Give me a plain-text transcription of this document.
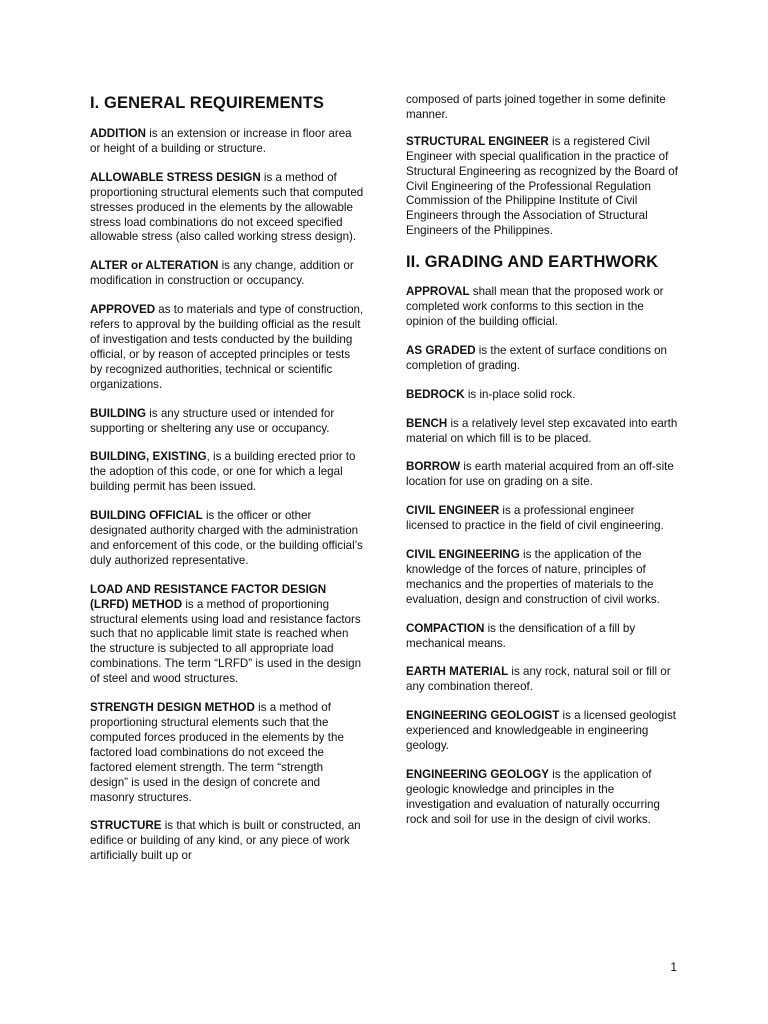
I. GENERAL REQUIREMENTS

ADDITION is an extension or increase in floor area or height of a building or structure.

ALLOWABLE STRESS DESIGN is a method of proportioning structural elements such that computed stresses produced in the elements by the allowable stress load combinations do not exceed specified allowable stress (also called working stress design).

ALTER or ALTERATION is any change, addition or modification in construction or occupancy.

APPROVED as to materials and type of construction, refers to approval by the building official as the result of investigation and tests conducted by the building official, or by reason of accepted principles or tests by recognized authorities, technical or scientific organizations.

BUILDING is any structure used or intended for supporting or sheltering any use or occupancy.

BUILDING, EXISTING, is a building erected prior to the adoption of this code, or one for which a legal building permit has been issued.

BUILDING OFFICIAL is the officer or other designated authority charged with the administration and enforcement of this code, or the building official’s duly authorized representative.

LOAD AND RESISTANCE FACTOR DESIGN (LRFD) METHOD is a method of proportioning structural elements using load and resistance factors such that no applicable limit state is reached when the structure is subjected to all appropriate load combinations. The term “LRFD” is used in the design of steel and wood structures.

STRENGTH DESIGN METHOD is a method of proportioning structural elements such that the computed forces produced in the elements by the factored load combinations do not exceed the factored element strength. The term “strength design” is used in the design of concrete and masonry structures.

STRUCTURE is that which is built or constructed, an edifice or building of any kind, or any piece of work artificially built up or

composed of parts joined together in some definite manner.

STRUCTURAL ENGINEER is a registered Civil Engineer with special qualification in the practice of Structural Engineering as recognized by the Board of Civil Engineering of the Professional Regulation Commission of the Philippine Institute of Civil Engineers through the Association of Structural Engineers of the Philippines.

II. GRADING AND EARTHWORK

APPROVAL shall mean that the proposed work or completed work conforms to this section in the opinion of the building official.

AS GRADED is the extent of surface conditions on completion of grading.

BEDROCK is in-place solid rock.

BENCH is a relatively level step excavated into earth material on which fill is to be placed.

BORROW is earth material acquired from an off-site location for use on grading on a site.

CIVIL ENGINEER is a professional engineer licensed to practice in the field of civil engineering.

CIVIL ENGINEERING is the application of the knowledge of the forces of nature, principles of mechanics and the properties of materials to the evaluation, design and construction of civil works.

COMPACTION is the densification of a fill by mechanical means.

EARTH MATERIAL is any rock, natural soil or fill or any combination thereof.

ENGINEERING GEOLOGIST is a licensed geologist experienced and knowledgeable in engineering geology.

ENGINEERING GEOLOGY is the application of geologic knowledge and principles in the investigation and evaluation of naturally occurring rock and soil for use in the design of civil works.

1
